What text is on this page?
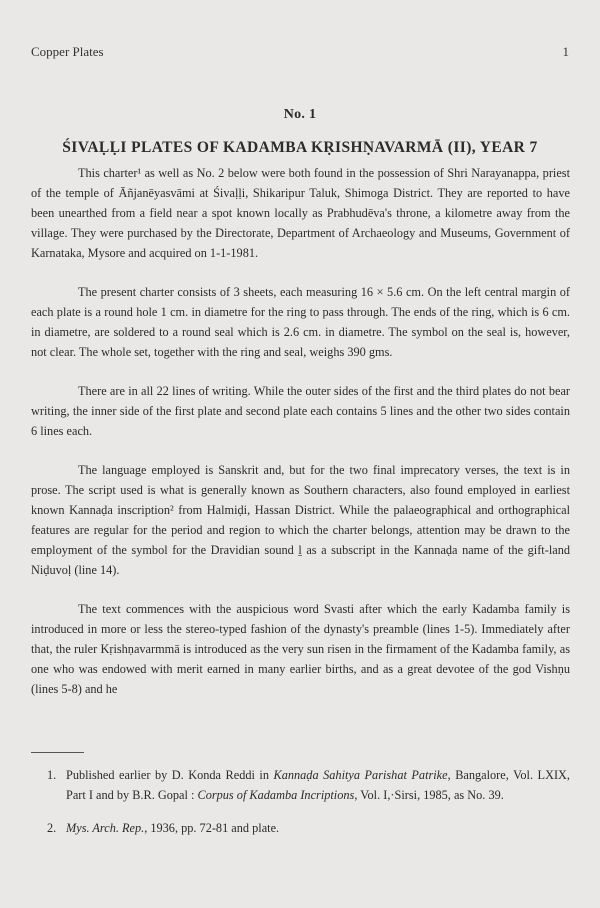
Copper Plates	1
No. 1
ŚIVAḶḶI PLATES OF KADAMBA KṚISHṆAVARMĀ (II), YEAR 7

This charter¹ as well as No. 2 below were both found in the possession of Shri Narayanappa, priest of the temple of Āñjanēyasvāmi at Śivaḷḷi, Shikaripur Taluk, Shimoga District. They are reported to have been unearthed from a field near a spot known locally as Prabhudēva's throne, a kilometre away from the village. They were purchased by the Directorate, Department of Archaeology and Museums, Government of Karnataka, Mysore and acquired on 1-1-1981.

The present charter consists of 3 sheets, each measuring 16 × 5.6 cm. On the left central margin of each plate is a round hole 1 cm. in diametre for the ring to pass through. The ends of the ring, which is 6 cm. in diametre, are soldered to a round seal which is 2.6 cm. in diametre. The symbol on the seal is, however, not clear. The whole set, together with the ring and seal, weighs 390 gms.

There are in all 22 lines of writing. While the outer sides of the first and the third plates do not bear writing, the inner side of the first plate and second plate each contains 5 lines and the other two sides contain 6 lines each.

The language employed is Sanskrit and, but for the two final imprecatory verses, the text is in prose. The script used is what is generally known as Southern characters, also found employed in earliest known Kannaḍa inscription² from Halmiḍi, Hassan District. While the palaeographical and orthographical features are regular for the period and region to which the charter belongs, attention may be drawn to the employment of the symbol for the Dravidian sound ḻ as a subscript in the Kannaḍa name of the gift-land Niḍuvoḷ (line 14).

The text commences with the auspicious word Svasti after which the early Kadamba family is introduced in more or less the stereo-typed fashion of the dynasty's preamble (lines 1-5). Immediately after that, the ruler Kṛishṇavarmmā is introduced as the very sun risen in the firmament of the Kadamba family, as one who was endowed with merit earned in many earlier births, and as a great devotee of the god Vishṇu (lines 5-8) and he

1. Published earlier by D. Konda Reddi in Kannaḍa Sahitya Parishat Patrike, Bangalore, Vol. LXIX, Part I and by B.R. Gopal : Corpus of Kadamba Incriptions, Vol. I,·Sirsi, 1985, as No. 39.
2. Mys. Arch. Rep., 1936, pp. 72-81 and plate.
